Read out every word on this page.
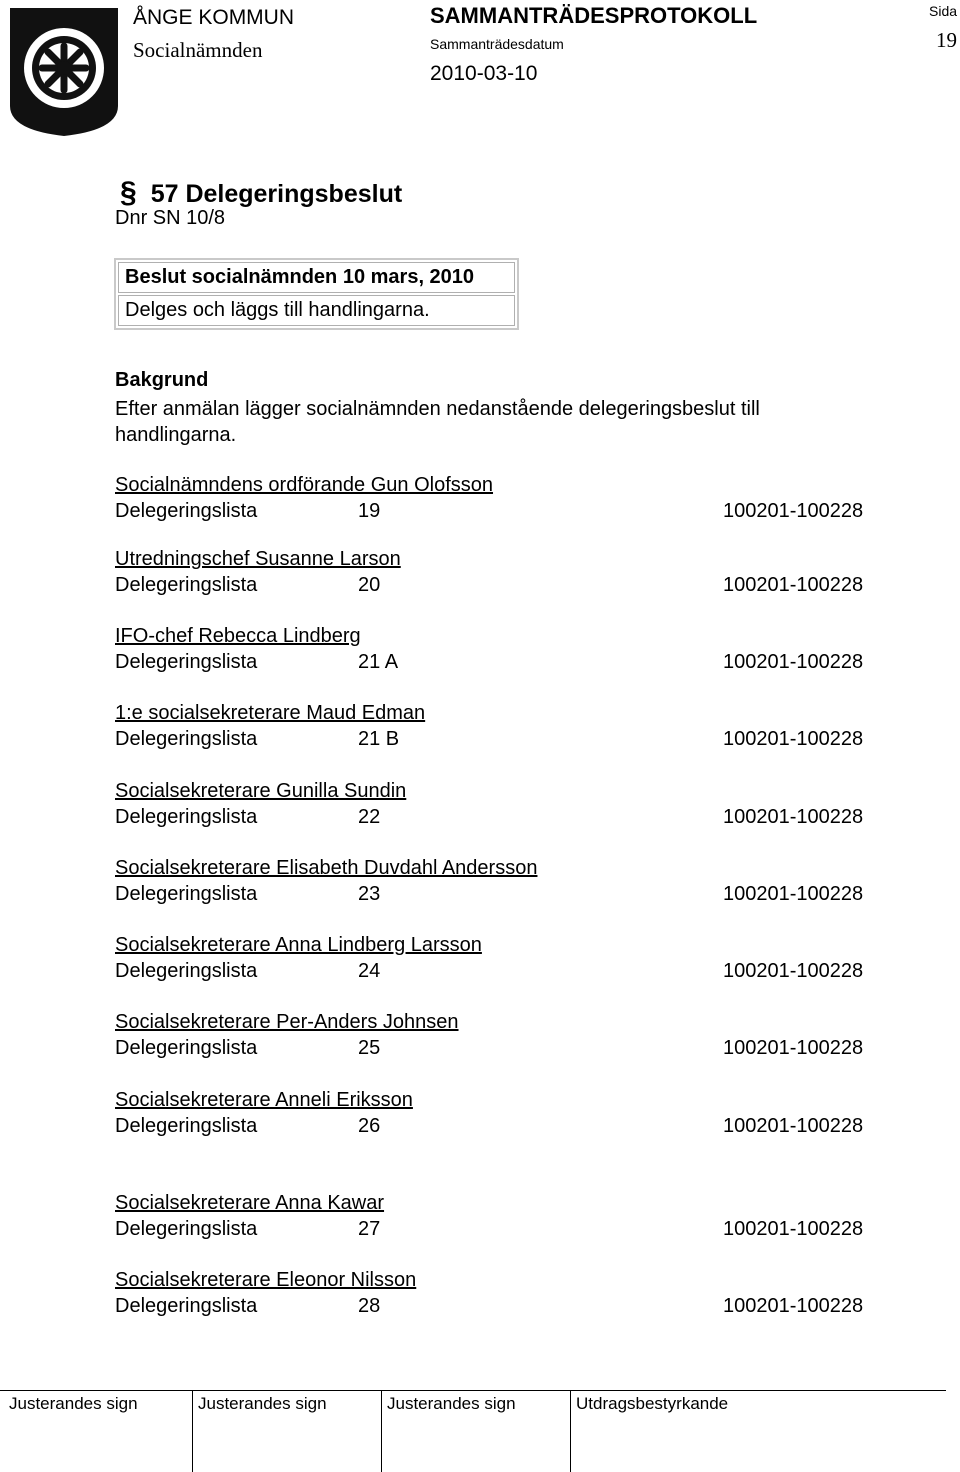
ÅNGE KOMMUN
Socialnämnden
SAMMANTRÄDESPROTOKOLL
Sammanträdesdatum
2010-03-10
Sida
19
§ 57 Delegeringsbeslut
Dnr SN 10/8
Beslut socialnämnden 10 mars, 2010
Delges och läggs till handlingarna.
Bakgrund
Efter anmälan lägger socialnämnden nedanstående delegeringsbeslut till handlingarna.
Socialnämndens ordförande Gun Olofsson
Delegeringslista	19	100201-100228
Utredningschef Susanne Larson
Delegeringslista	20	100201-100228
IFO-chef Rebecca Lindberg
Delegeringslista	21 A	100201-100228
1:e socialsekreterare Maud Edman
Delegeringslista	21 B	100201-100228
Socialsekreterare Gunilla Sundin
Delegeringslista	22	100201-100228
Socialsekreterare Elisabeth Duvdahl Andersson
Delegeringslista	23	100201-100228
Socialsekreterare Anna Lindberg Larsson
Delegeringslista	24	100201-100228
Socialsekreterare Per-Anders Johnsen
Delegeringslista	25	100201-100228
Socialsekreterare Anneli Eriksson
Delegeringslista	26	100201-100228
Socialsekreterare Anna Kawar
Delegeringslista	27	100201-100228
Socialsekreterare Eleonor Nilsson
Delegeringslista	28	100201-100228
Justerandes sign	Justerandes sign	Justerandes sign	Utdragsbestyrkande
